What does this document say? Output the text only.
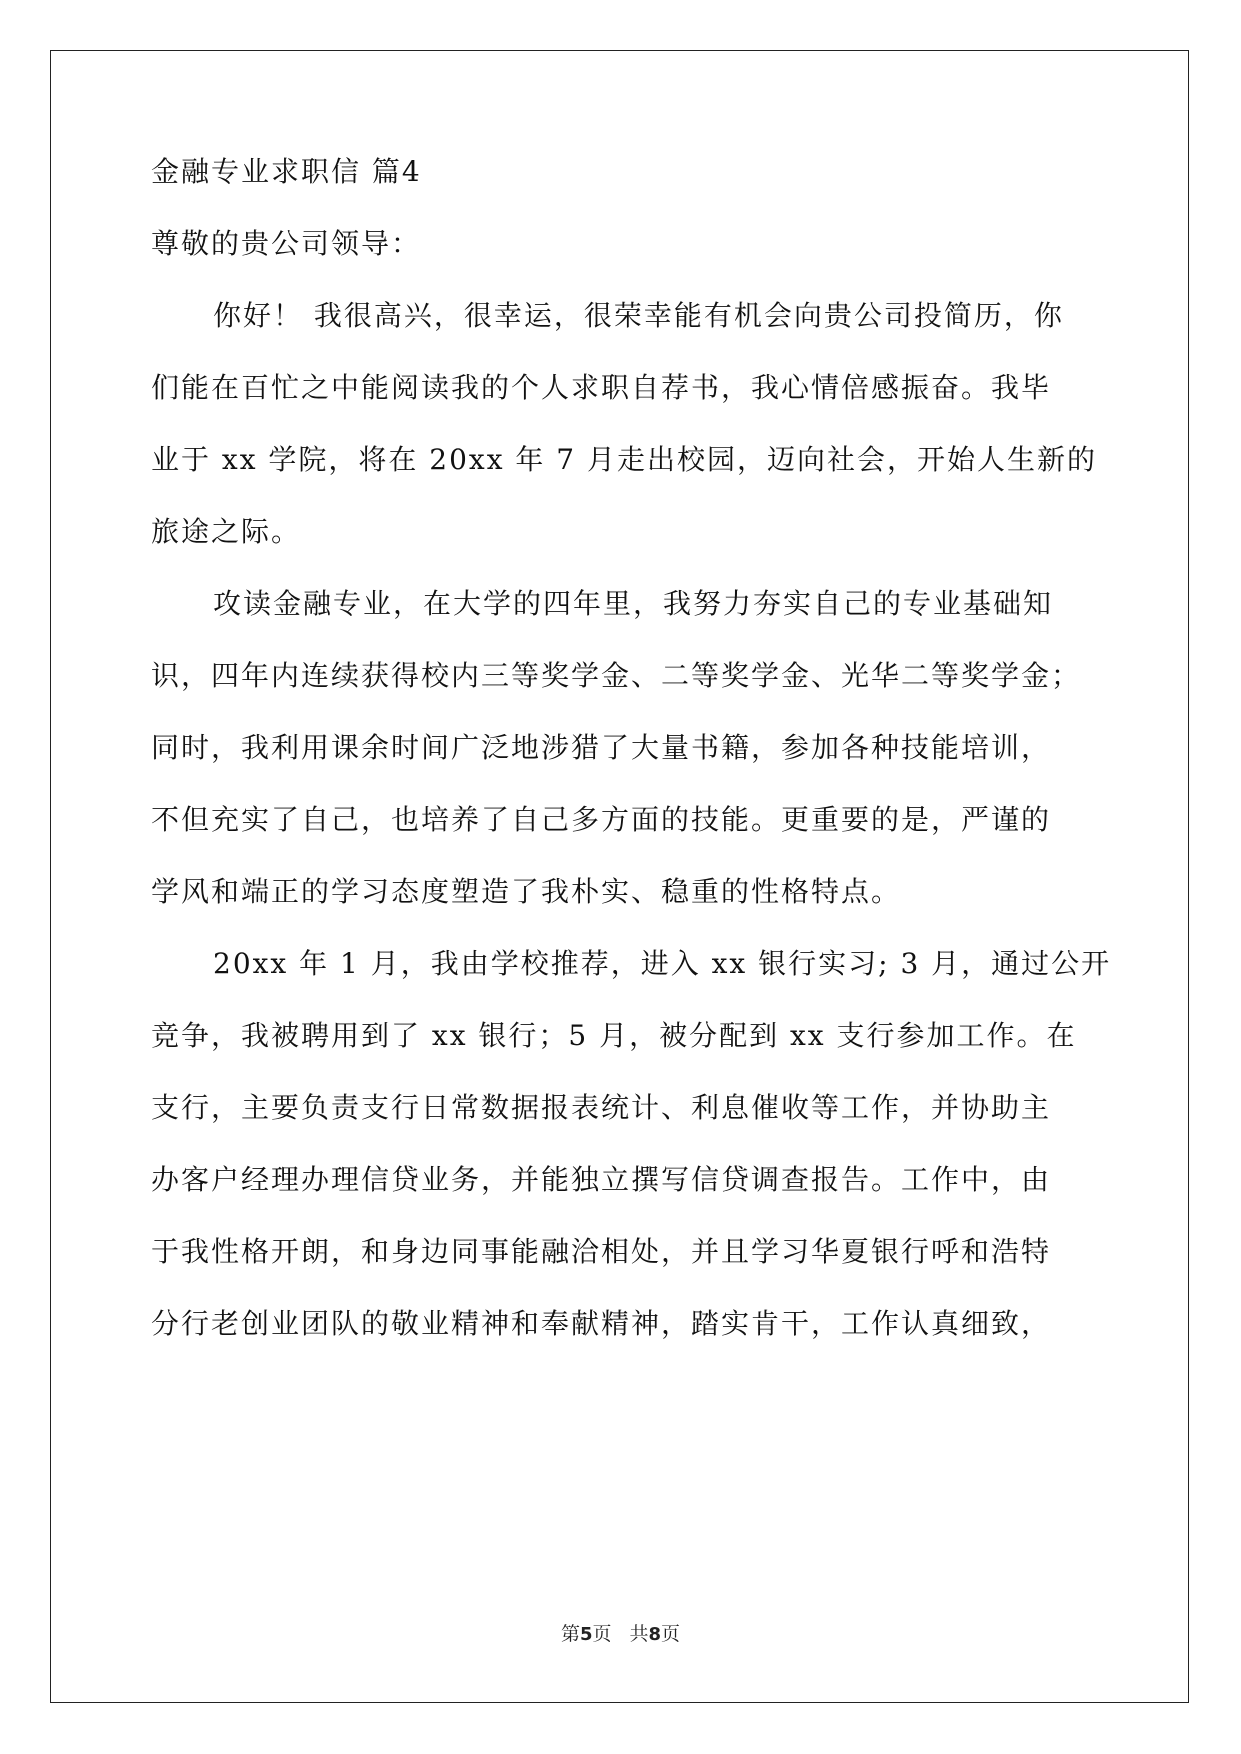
金融专业求职信 篇4
尊敬的贵公司领导：
你好！ 我很高兴，很幸运，很荣幸能有机会向贵公司投简历，你
们能在百忙之中能阅读我的个人求职自荐书，我心情倍感振奋。我毕
业于 xx 学院，将在 20xx 年 7 月走出校园，迈向社会，开始人生新的
旅途之际。
攻读金融专业，在大学的四年里，我努力夯实自己的专业基础知
识，四年内连续获得校内三等奖学金、二等奖学金、光华二等奖学金；
同时，我利用课余时间广泛地涉猎了大量书籍，参加各种技能培训，
不但充实了自己，也培养了自己多方面的技能。更重要的是，严谨的
学风和端正的学习态度塑造了我朴实、稳重的性格特点。
20xx 年 1 月，我由学校推荐，进入 xx 银行实习; 3 月，通过公开
竞争，我被聘用到了 xx 银行；5 月，被分配到 xx 支行参加工作。在
支行，主要负责支行日常数据报表统计、利息催收等工作，并协助主
办客户经理办理信贷业务，并能独立撰写信贷调查报告。工作中，由
于我性格开朗，和身边同事能融洽相处，并且学习华夏银行呼和浩特
分行老创业团队的敬业精神和奉献精神，踏实肯干，工作认真细致，
第5页 共8页
